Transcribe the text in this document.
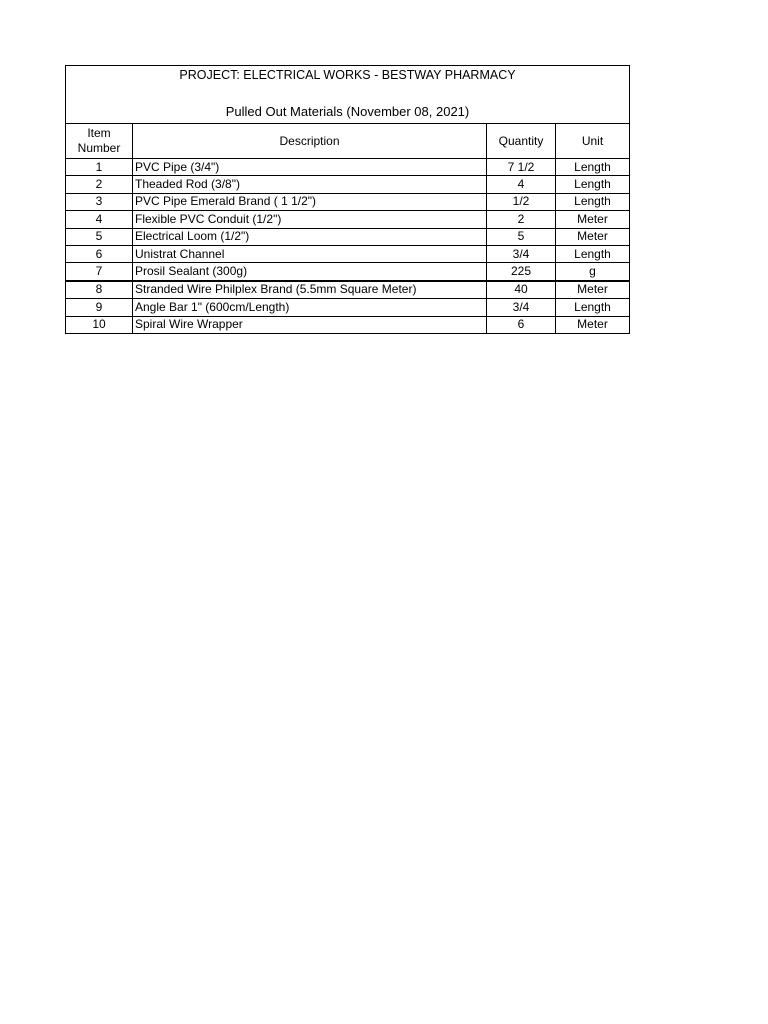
PROJECT: ELECTRICAL WORKS - BESTWAY PHARMACY
Pulled Out Materials (November 08, 2021)
Item Number	Description	Quantity	Unit
1	PVC Pipe (3/4")	7 1/2	Length
2	Theaded Rod (3/8")	4	Length
3	PVC Pipe Emerald Brand ( 1 1/2")	1/2	Length
4	Flexible PVC Conduit (1/2")	2	Meter
5	Electrical Loom (1/2")	5	Meter
6	Unistrat Channel	3/4	Length
7	Prosil Sealant (300g)	225	g
8	Stranded Wire Philplex Brand (5.5mm Square Meter)	40	Meter
9	Angle Bar 1" (600cm/Length)	3/4	Length
10	Spiral Wire Wrapper	6	Meter
